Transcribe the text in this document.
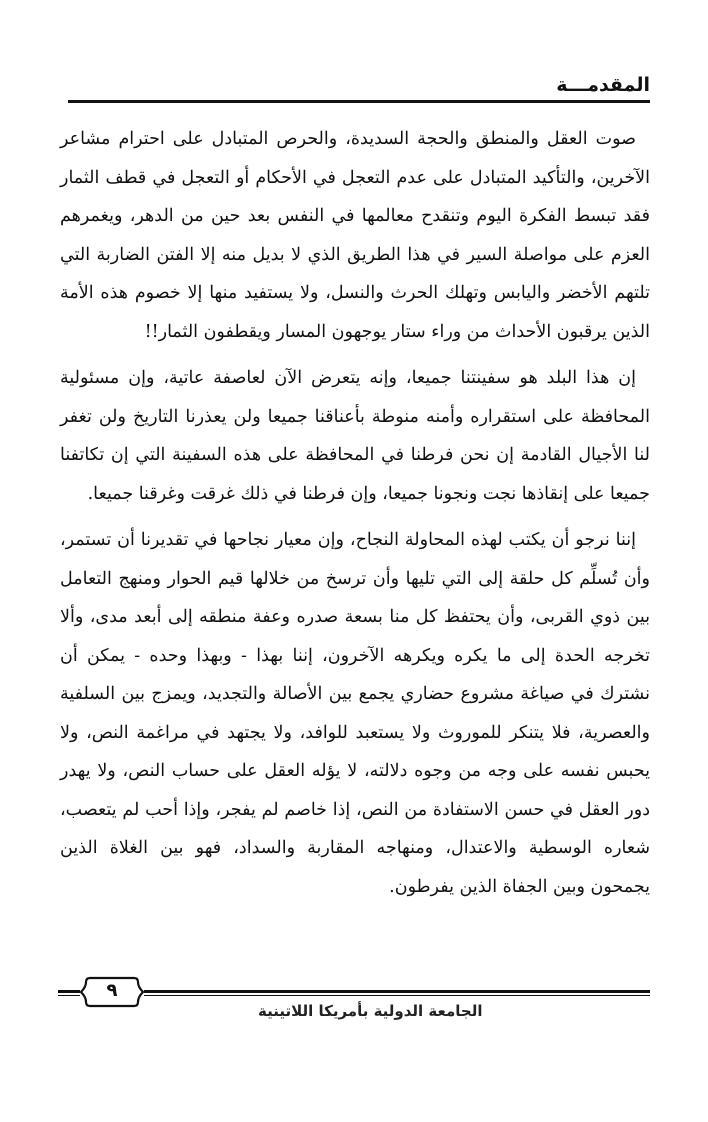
المقدمـــة

صوت العقل والمنطق والحجة السديدة، والحرص المتبادل على احترام مشاعر الآخرين، والتأكيد المتبادل على عدم التعجل في الأحكام أو التعجل في قطف الثمار فقد تبسط الفكرة اليوم وتنقدح معالمها في النفس بعد حين من الدهر، ويغمرهم العزم على مواصلة السير في هذا الطريق الذي لا بديل منه إلا الفتن الضاربة التي تلتهم الأخضر واليابس وتهلك الحرث والنسل، ولا يستفيد منها إلا خصوم هذه الأمة الذين يرقبون الأحداث من وراء ستار يوجهون المسار ويقطفون الثمار!!

إن هذا البلد هو سفينتنا جميعا، وإنه يتعرض الآن لعاصفة عاتية، وإن مسئولية المحافظة على استقراره وأمنه منوطة بأعناقنا جميعا ولن يعذرنا التاريخ ولن تغفر لنا الأجيال القادمة إن نحن فرطنا في المحافظة على هذه السفينة التي إن تكاتفنا جميعا على إنقاذها نجت ونجونا جميعا، وإن فرطنا في ذلك غرقت وغرقنا جميعا.

إننا نرجو أن يكتب لهذه المحاولة النجاح، وإن معيار نجاحها في تقديرنا أن تستمر، وأن تُسلِّم كل حلقة إلى التي تليها وأن ترسخ من خلالها قيم الحوار ومنهج التعامل بين ذوي القربى، وأن يحتفظ كل منا بسعة صدره وعفة منطقه إلى أبعد مدى، وألا تخرجه الحدة إلى ما يكره ويكرهه الآخرون، إننا بهذا - وبهذا وحده - يمكن أن نشترك في صياغة مشروع حضاري يجمع بين الأصالة والتجديد، ويمزج بين السلفية والعصرية، فلا يتنكر للموروث ولا يستعبد للوافد، ولا يجتهد في مراغمة النص، ولا يحبس نفسه على وجه من وجوه دلالته، لا يؤله العقل على حساب النص، ولا يهدر دور العقل في حسن الاستفادة من النص، إذا خاصم لم يفجر، وإذا أحب لم يتعصب، شعاره الوسطية والاعتدال، ومنهاجه المقاربة والسداد، فهو بين الغلاة الذين يجمحون وبين الجفاة الذين يفرطون.

٩
الجامعة الدولية بأمريكا اللاتينية
